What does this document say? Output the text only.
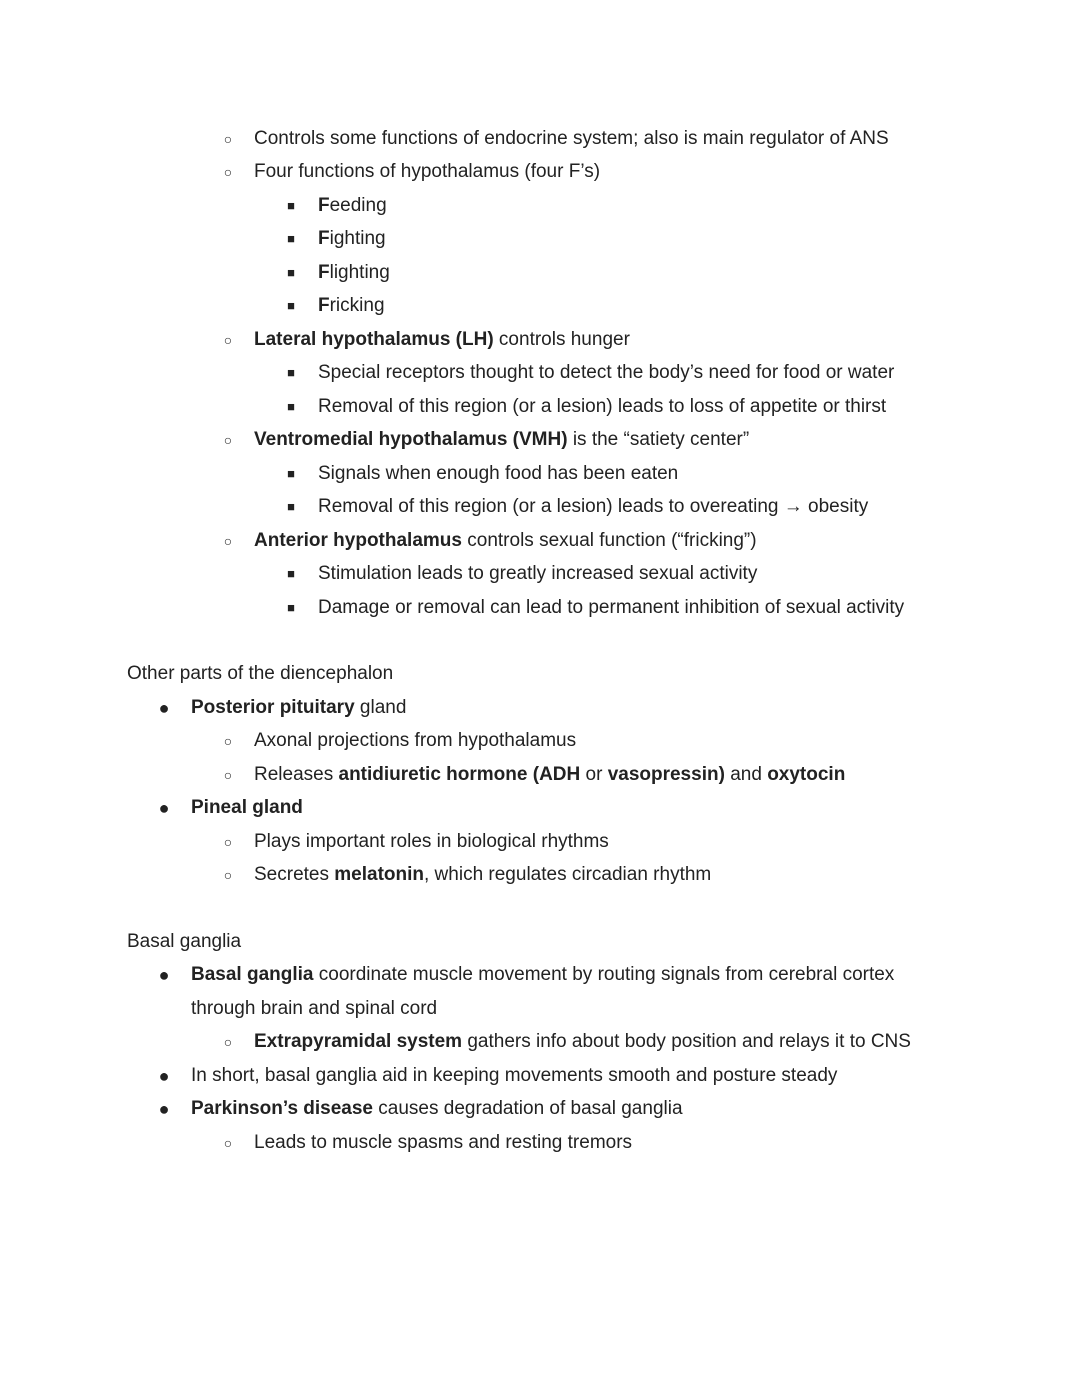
○ Controls some functions of endocrine system; also is main regulator of ANS
○ Four functions of hypothalamus (four F’s)
■ Feeding
■ Fighting
■ Flighting
■ Fricking
○ Lateral hypothalamus (LH) controls hunger
■ Special receptors thought to detect the body’s need for food or water
■ Removal of this region (or a lesion) leads to loss of appetite or thirst
○ Ventromedial hypothalamus (VMH) is the “satiety center”
■ Signals when enough food has been eaten
■ Removal of this region (or a lesion) leads to overeating → obesity
○ Anterior hypothalamus controls sexual function (“fricking”)
■ Stimulation leads to greatly increased sexual activity
■ Damage or removal can lead to permanent inhibition of sexual activity
Other parts of the diencephalon
● Posterior pituitary gland
○ Axonal projections from hypothalamus
○ Releases antidiuretic hormone (ADH or vasopressin) and oxytocin
● Pineal gland
○ Plays important roles in biological rhythms
○ Secretes melatonin, which regulates circadian rhythm
Basal ganglia
● Basal ganglia coordinate muscle movement by routing signals from cerebral cortex
through brain and spinal cord
○ Extrapyramidal system gathers info about body position and relays it to CNS
● In short, basal ganglia aid in keeping movements smooth and posture steady
● Parkinson’s disease causes degradation of basal ganglia
○ Leads to muscle spasms and resting tremors
